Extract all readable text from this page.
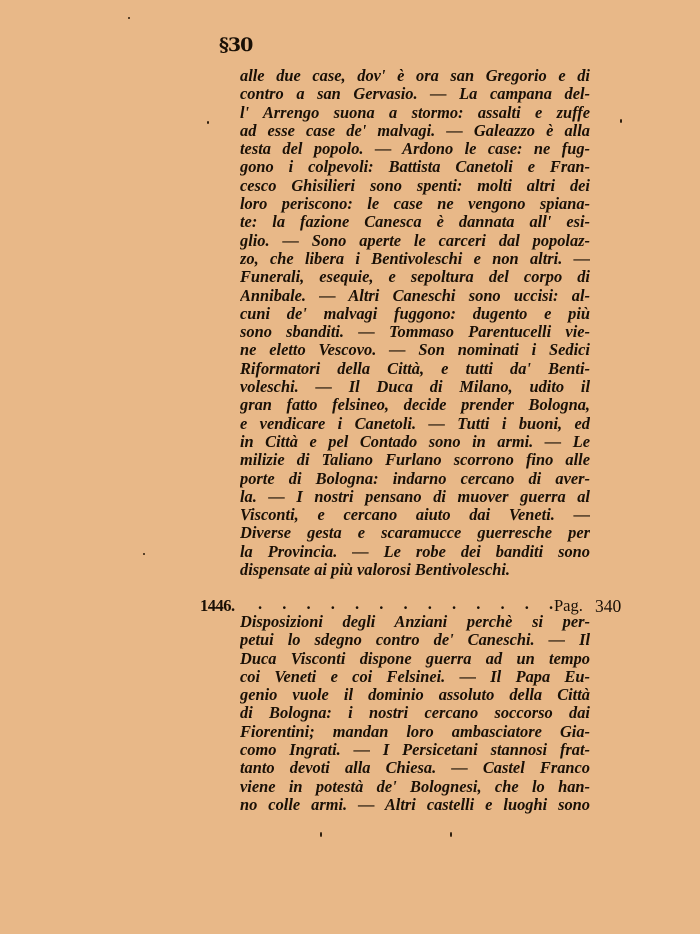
§30
alle due case, dov' è ora san Gregorio e di
contro a san Gervasio. — La campana del-
l' Arrengo suona a stormo: assalti e zuffe
ad esse case de' malvagi. — Galeazzo è alla
testa del popolo. — Ardono le case: ne fug-
gono i colpevoli: Battista Canetoli e Fran-
cesco Ghisilieri sono spenti: molti altri dei
loro periscono: le case ne vengono spiana-
te: la fazione Canesca è dannata all' esi-
glio. — Sono aperte le carceri dal popolaz-
zo, che libera i Bentivoleschi e non altri. —
Funerali, esequie, e sepoltura del corpo di
Annibale. — Altri Caneschi sono uccisi: al-
cuni de' malvagi fuggono: dugento e più
sono sbanditi. — Tommaso Parentucelli vie-
ne eletto Vescovo. — Son nominati i Sedici
Riformatori della Città, e tutti da' Benti-
voleschi. — Il Duca di Milano, udito il
gran fatto felsineo, decide prender Bologna,
e vendicare i Canetoli. — Tutti i buoni, ed
in Città e pel Contado sono in armi. — Le
milizie di Taliano Furlano scorrono fino alle
porte di Bologna: indarno cercano di aver-
la. — I nostri pensano di muover guerra al
Visconti, e cercano aiuto dai Veneti. —
Diverse gesta e scaramucce guerresche per
la Provincia. — Le robe dei banditi sono
dispensate ai più valorosi Bentivoleschi.
1446. . . . . . . . . . . . . .
Pag. 340
Disposizioni degli Anziani perchè si per-
petui lo sdegno contro de' Caneschi. — Il
Duca Visconti dispone guerra ad un tempo
coi Veneti e coi Felsinei. — Il Papa Eu-
genio vuole il dominio assoluto della Città
di Bologna: i nostri cercano soccorso dai
Fiorentini; mandan loro ambasciatore Gia-
como Ingrati. — I Persicetani stannosi frat-
tanto devoti alla Chiesa. — Castel Franco
viene in potestà de' Bolognesi, che lo han-
no colle armi. — Altri castelli e luoghi sono
